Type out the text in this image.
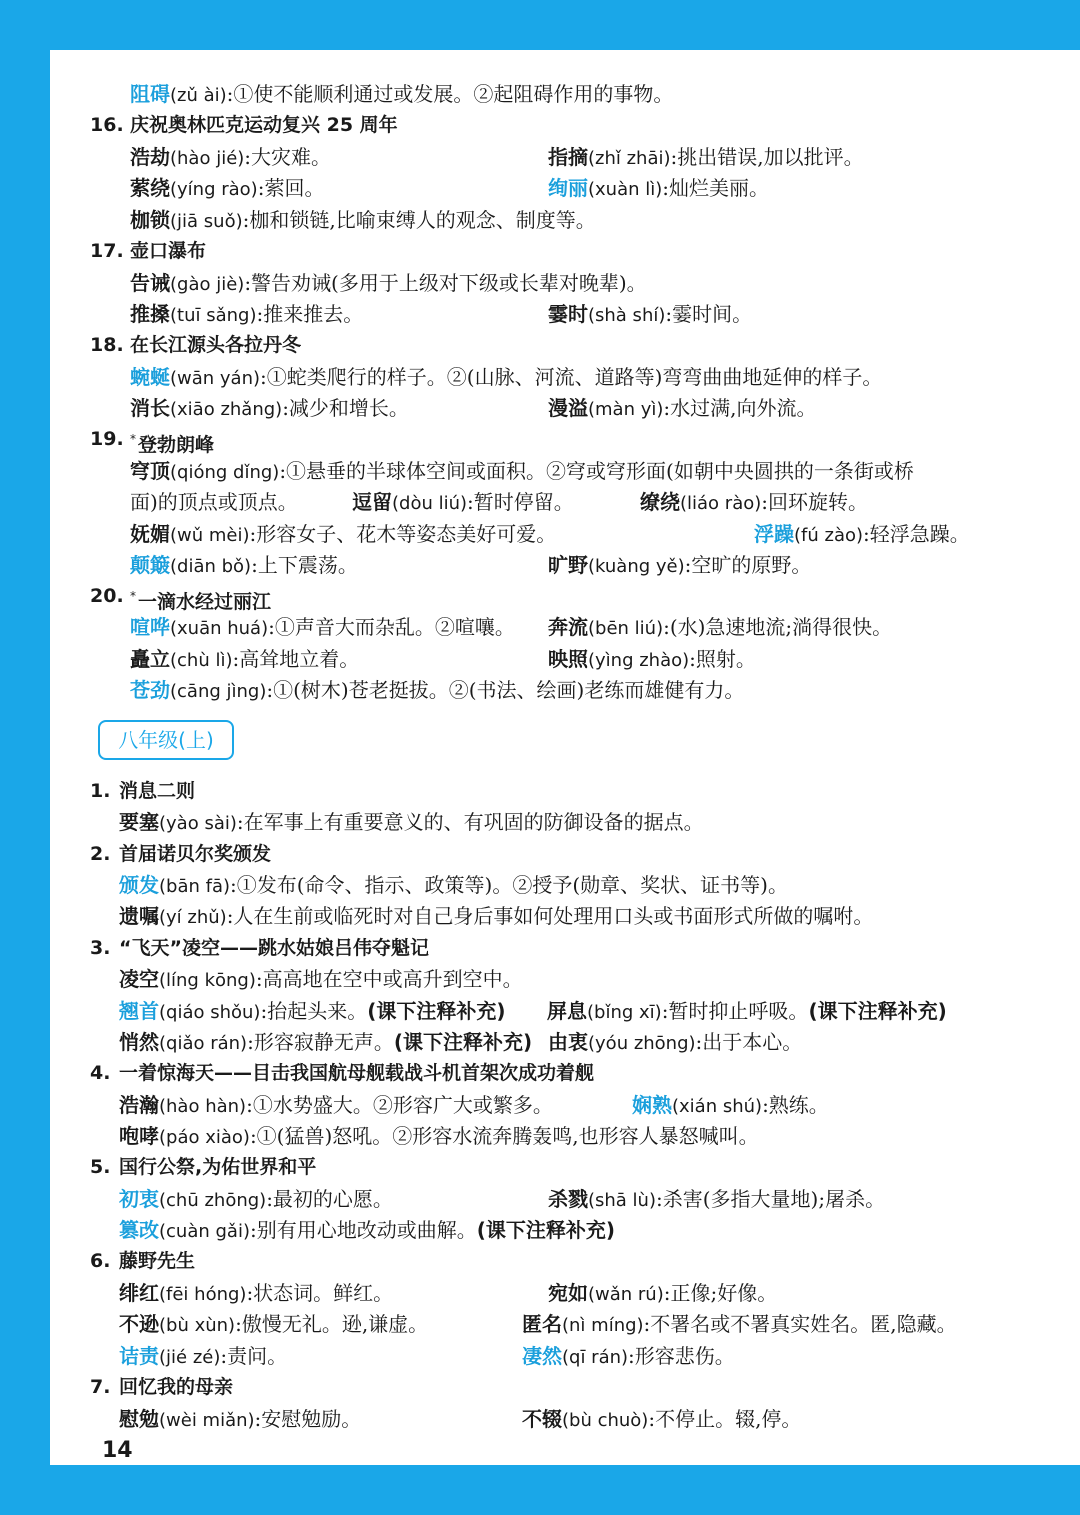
阻碍(zǔ ài):①使不能顺利通过或发展。②起阻碍作用的事物。
16. 庆祝奥林匹克运动复兴 25 周年
浩劫(hào jié):大灾难。	指摘(zhǐ zhāi):挑出错误,加以批评。
萦绕(yíng rào):萦回。	绚丽(xuàn lì):灿烂美丽。
枷锁(jiā suǒ):枷和锁链,比喻束缚人的观念、制度等。
17. 壶口瀑布
告诫(gào jiè):警告劝诫(多用于上级对下级或长辈对晚辈)。
推搡(tuī sǎng):推来推去。	霎时(shà shí):霎时间。
18. 在长江源头各拉丹冬
蜿蜒(wān yán):①蛇类爬行的样子。②(山脉、河流、道路等)弯弯曲曲地延伸的样子。
消长(xiāo zhǎng):减少和增长。	漫溢(màn yì):水过满,向外流。
19. * 登勃朗峰
穹顶(qióng dǐng):①悬垂的半球体空间或面积。②穹或穹形面(如朝中央圆拱的一条街或桥
面)的顶点或顶点。	逗留(dòu liú):暂时停留。	缭绕(liáo rào):回环旋转。
妩媚(wǔ mèi):形容女子、花木等姿态美好可爱。	浮躁(fú zào):轻浮急躁。
颠簸(diān bǒ):上下震荡。	旷野(kuàng yě):空旷的原野。
20. * 一滴水经过丽江
喧哗(xuān huá):①声音大而杂乱。②喧嚷。 奔流(bēn liú):(水)急速地流;淌得很快。
矗立(chù lì):高耸地立着。	映照(yìng zhào):照射。
苍劲(cāng jìng):①(树木)苍老挺拔。②(书法、绘画)老练而雄健有力。
八年级(上)
1. 消息二则
要塞(yào sài):在军事上有重要意义的、有巩固的防御设备的据点。
2. 首届诺贝尔奖颁发
颁发(bān fā):①发布(命令、指示、政策等)。②授予(勋章、奖状、证书等)。
遗嘱(yí zhǔ):人在生前或临死时对自己身后事如何处理用口头或书面形式所做的嘱咐。
3. “飞天”凌空——跳水姑娘吕伟夺魁记
凌空(líng kōng):高高地在空中或高升到空中。
翘首(qiáo shǒu):抬起头来。(课下注释补充) 屏息(bǐng xī):暂时抑止呼吸。(课下注释补充)
悄然(qiǎo rán):形容寂静无声。(课下注释补充) 由衷(yóu zhōng):出于本心。
4. 一着惊海天——目击我国航母舰载战斗机首架次成功着舰
浩瀚(hào hàn):①水势盛大。②形容广大或繁多。	娴熟(xián shú):熟练。
咆哮(páo xiào):①(猛兽)怒吼。②形容水流奔腾轰鸣,也形容人暴怒喊叫。
5. 国行公祭,为佑世界和平
初衷(chū zhōng):最初的心愿。	杀戮(shā lù):杀害(多指大量地);屠杀。
篡改(cuàn gǎi):别有用心地改动或曲解。(课下注释补充)
6. 藤野先生
绯红(fēi hóng):状态词。鲜红。	宛如(wǎn rú):正像;好像。
不逊(bù xùn):傲慢无礼。逊,谦虚。	匿名(nì míng):不署名或不署真实姓名。匿,隐藏。
诘责(jié zé):责问。	凄然(qī rán):形容悲伤。
7. 回忆我的母亲
慰勉(wèi miǎn):安慰勉励。	不辍(bù chuò):不停止。辍,停。
14
